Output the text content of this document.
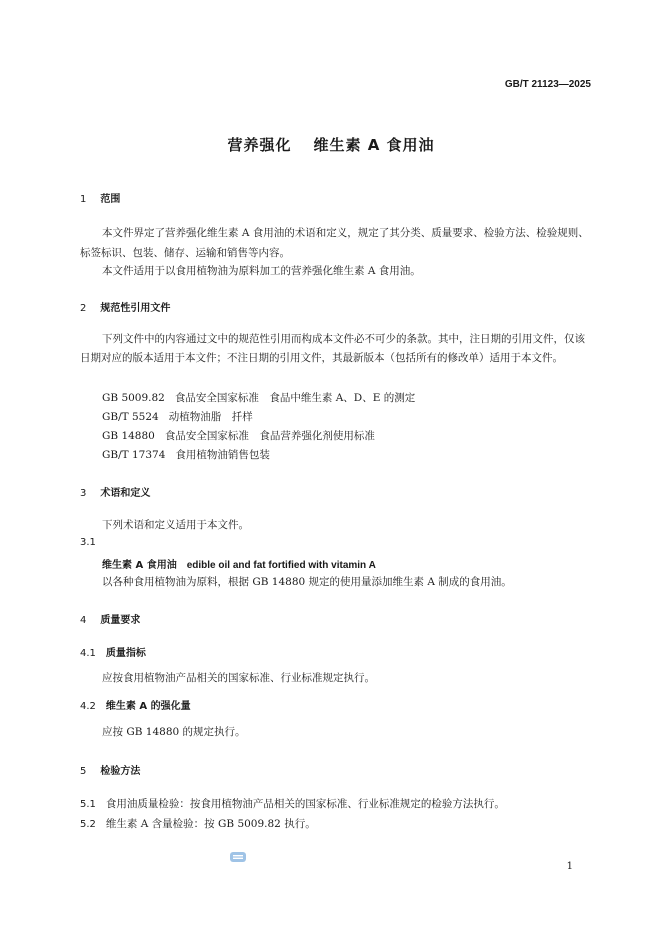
GB/T 21123—2025
营养强化 维生素 A 食用油
1 范围
本文件界定了营养强化维生素 A 食用油的术语和定义，规定了其分类、质量要求、检验方法、检验规则、标签标识、包装、储存、运输和销售等内容。
本文件适用于以食用植物油为原料加工的营养强化维生素 A 食用油。
2 规范性引用文件
下列文件中的内容通过文中的规范性引用而构成本文件必不可少的条款。其中，注日期的引用文件，仅该日期对应的版本适用于本文件；不注日期的引用文件，其最新版本（包括所有的修改单）适用于本文件。
GB 5009.82 食品安全国家标准　食品中维生素 A、D、E 的测定
GB/T 5524 动植物油脂　扦样
GB 14880 食品安全国家标准　食品营养强化剂使用标准
GB/T 17374 食用植物油销售包装
3 术语和定义
下列术语和定义适用于本文件。
3.1
维生素 A 食用油 edible oil and fat fortified with vitamin A
以各种食用植物油为原料，根据 GB 14880 规定的使用量添加维生素 A 制成的食用油。
4 质量要求
4.1 质量指标
应按食用植物油产品相关的国家标准、行业标准规定执行。
4.2 维生素 A 的强化量
应按 GB 14880 的规定执行。
5 检验方法
5.1 食用油质量检验：按食用植物油产品相关的国家标准、行业标准规定的检验方法执行。
5.2 维生素 A 含量检验：按 GB 5009.82 执行。
1
